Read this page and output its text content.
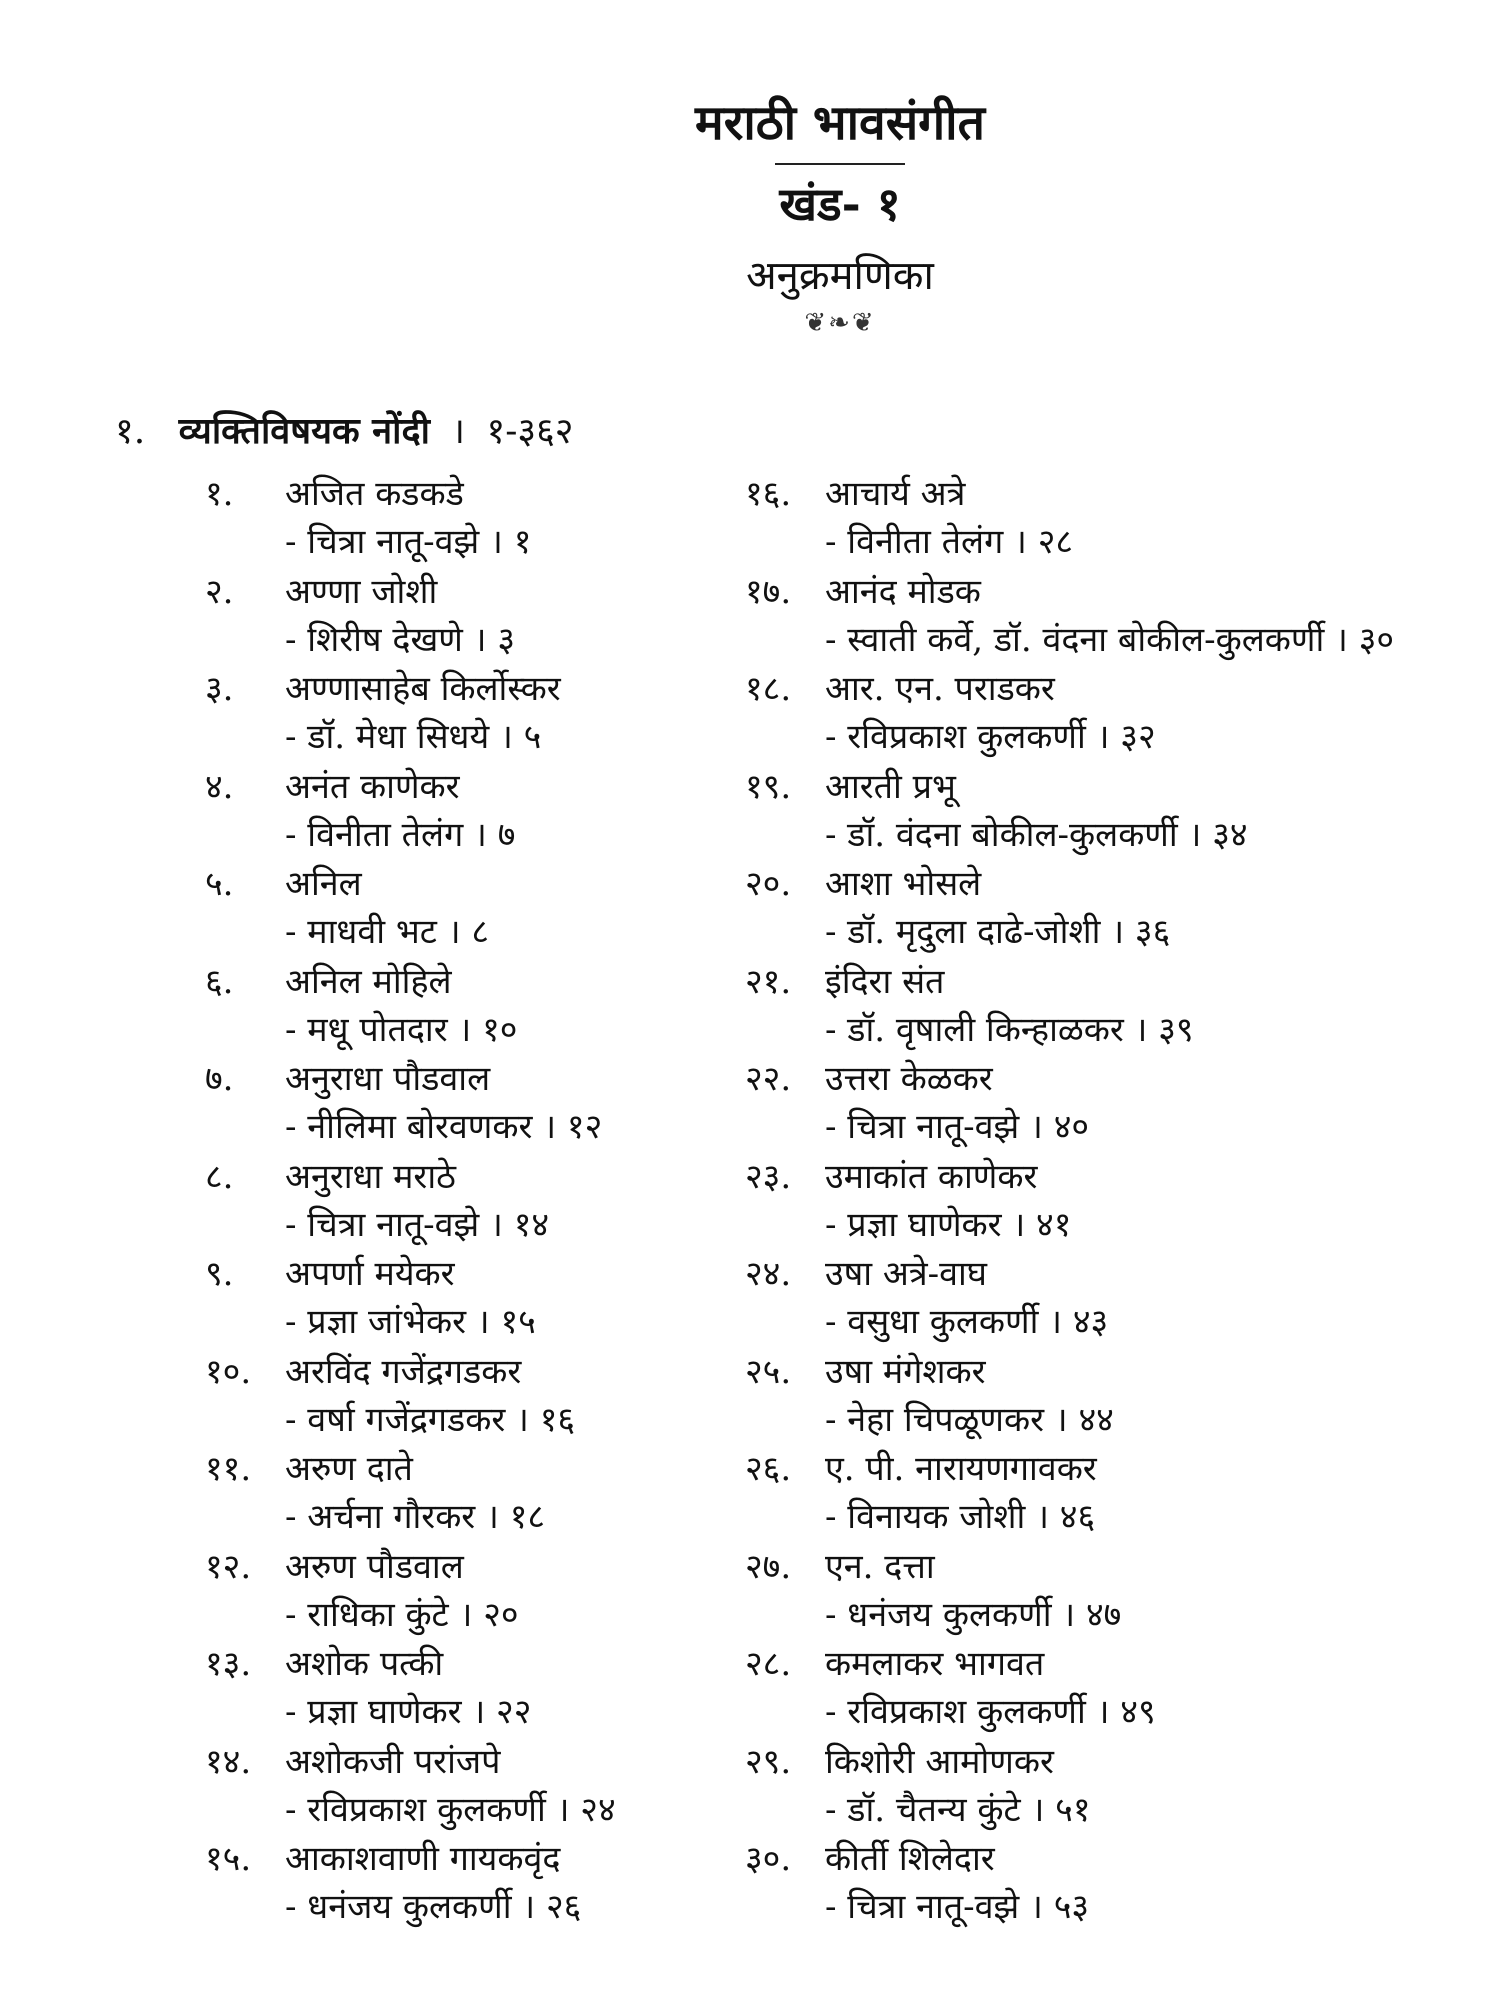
मराठी भावसंगीत
खंड- १
अनुक्रमणिका
❦❧❦
१. व्यक्तिविषयक नोंदी । १-३६२
१. अजित कडकडे
- चित्रा नातू-वझे । १
२. अण्णा जोशी
- शिरीष देखणे । ३
३. अण्णासाहेब किर्लोस्कर
- डॉ. मेधा सिधये । ५
४. अनंत काणेकर
- विनीता तेलंग । ७
५. अनिल
- माधवी भट । ८
६. अनिल मोहिले
- मधू पोतदार । १०
७. अनुराधा पौडवाल
- नीलिमा बोरवणकर । १२
८. अनुराधा मराठे
- चित्रा नातू-वझे । १४
९. अपर्णा मयेकर
- प्रज्ञा जांभेकर । १५
१०. अरविंद गजेंद्रगडकर
- वर्षा गजेंद्रगडकर । १६
११. अरुण दाते
- अर्चना गौरकर । १८
१२. अरुण पौडवाल
- राधिका कुंटे । २०
१३. अशोक पत्की
- प्रज्ञा घाणेकर । २२
१४. अशोकजी परांजपे
- रविप्रकाश कुलकर्णी । २४
१५. आकाशवाणी गायकवृंद
- धनंजय कुलकर्णी । २६
१६. आचार्य अत्रे
- विनीता तेलंग । २८
१७. आनंद मोडक
- स्वाती कर्वे, डॉ. वंदना बोकील-कुलकर्णी । ३०
१८. आर. एन. पराडकर
- रविप्रकाश कुलकर्णी । ३२
१९. आरती प्रभू
- डॉ. वंदना बोकील-कुलकर्णी । ३४
२०. आशा भोसले
- डॉ. मृदुला दाढे-जोशी । ३६
२१. इंदिरा संत
- डॉ. वृषाली किन्हाळकर । ३९
२२. उत्तरा केळकर
- चित्रा नातू-वझे । ४०
२३. उमाकांत काणेकर
- प्रज्ञा घाणेकर । ४१
२४. उषा अत्रे-वाघ
- वसुधा कुलकर्णी । ४३
२५. उषा मंगेशकर
- नेहा चिपळूणकर । ४४
२६. ए. पी. नारायणगावकर
- विनायक जोशी । ४६
२७. एन. दत्ता
- धनंजय कुलकर्णी । ४७
२८. कमलाकर भागवत
- रविप्रकाश कुलकर्णी । ४९
२९. किशोरी आमोणकर
- डॉ. चैतन्य कुंटे । ५१
३०. कीर्ती शिलेदार
- चित्रा नातू-वझे । ५३
